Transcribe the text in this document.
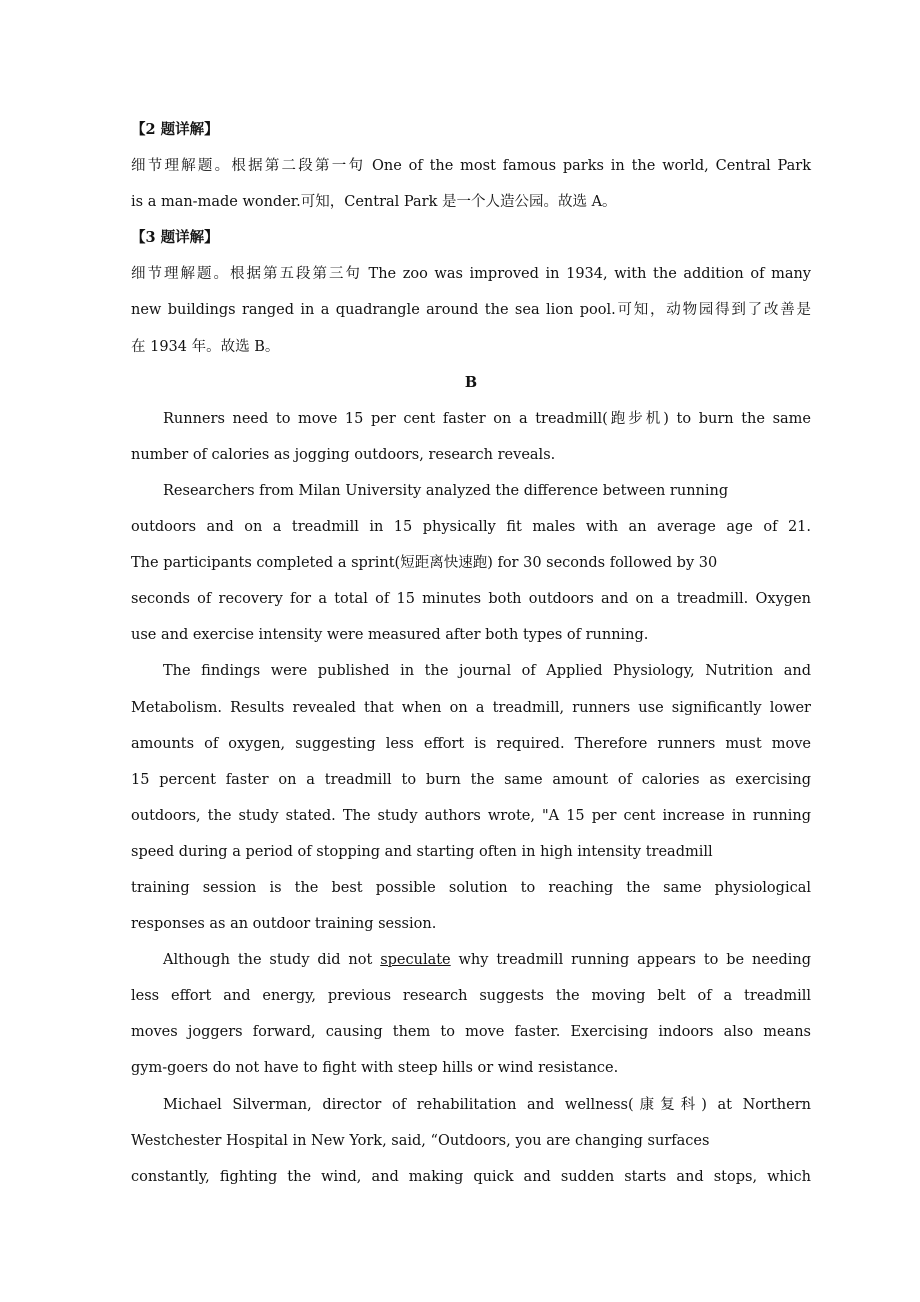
【2 题详解】
细节理解题。根据第二段第一句 One of the most famous parks in the world, Central Park
is a man-made wonder.可知，Central Park 是一个人造公园。故选 A。
【3 题详解】
细节理解题。根据第五段第三句 The zoo was improved in 1934, with the addition of many
new buildings ranged in a quadrangle around the sea lion pool.可知，动物园得到了改善是
在 1934 年。故选 B。
B
Runners need to move 15 per cent faster on a treadmill(跑步机) to burn the same
number of calories as jogging outdoors, research reveals.
Researchers from Milan University analyzed the difference between running
outdoors and on a treadmill in 15 physically fit males with an average age of 21.
The participants completed a sprint(短距离快速跑) for 30 seconds followed by 30
seconds of recovery for a total of 15 minutes both outdoors and on a treadmill. Oxygen
use and exercise intensity were measured after both types of running.
The findings were published in the journal of Applied Physiology, Nutrition and
Metabolism. Results revealed that when on a treadmill, runners use significantly lower
amounts of oxygen, suggesting less effort is required. Therefore runners must move
15 percent faster on a treadmill to burn the same amount of calories as exercising
outdoors, the study stated. The study authors wrote, "A 15 per cent increase in running
speed during a period of stopping and starting often in high intensity treadmill
training session is the best possible solution to reaching the same physiological
responses as an outdoor training session.
Although the study did not speculate why treadmill running appears to be needing
less effort and energy, previous research suggests the moving belt of a treadmill
moves joggers forward, causing them to move faster. Exercising indoors also means
gym-goers do not have to fight with steep hills or wind resistance.
Michael Silverman, director of rehabilitation and wellness(康复科) at Northern
Westchester Hospital in New York, said, “Outdoors, you are changing surfaces
constantly, fighting the wind, and making quick and sudden starts and stops, which
